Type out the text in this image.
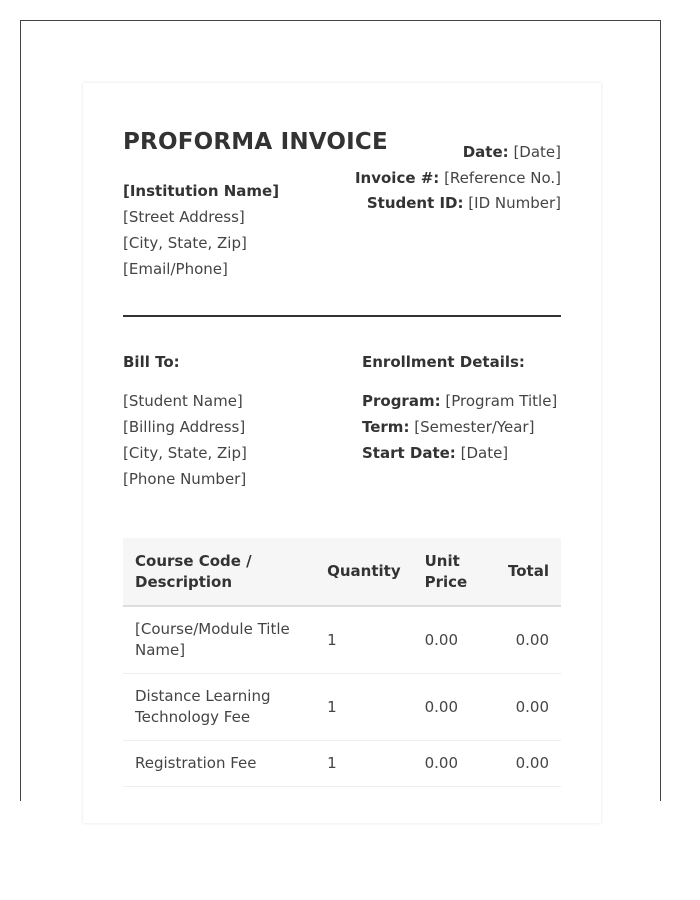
PROFORMA INVOICE
[Institution Name]
[Street Address]
[City, State, Zip]
[Email/Phone]
Date: [Date]
Invoice #: [Reference No.]
Student ID: [ID Number]
Bill To:
[Student Name]
[Billing Address]
[City, State, Zip]
[Phone Number]
Enrollment Details:
Program: [Program Title]
Term: [Semester/Year]
Start Date: [Date]
Course Code / Description	Quantity	Unit Price	Total
[Course/Module Title Name]	1	0.00	0.00
Distance Learning Technology Fee	1	0.00	0.00
Registration Fee	1	0.00	0.00
